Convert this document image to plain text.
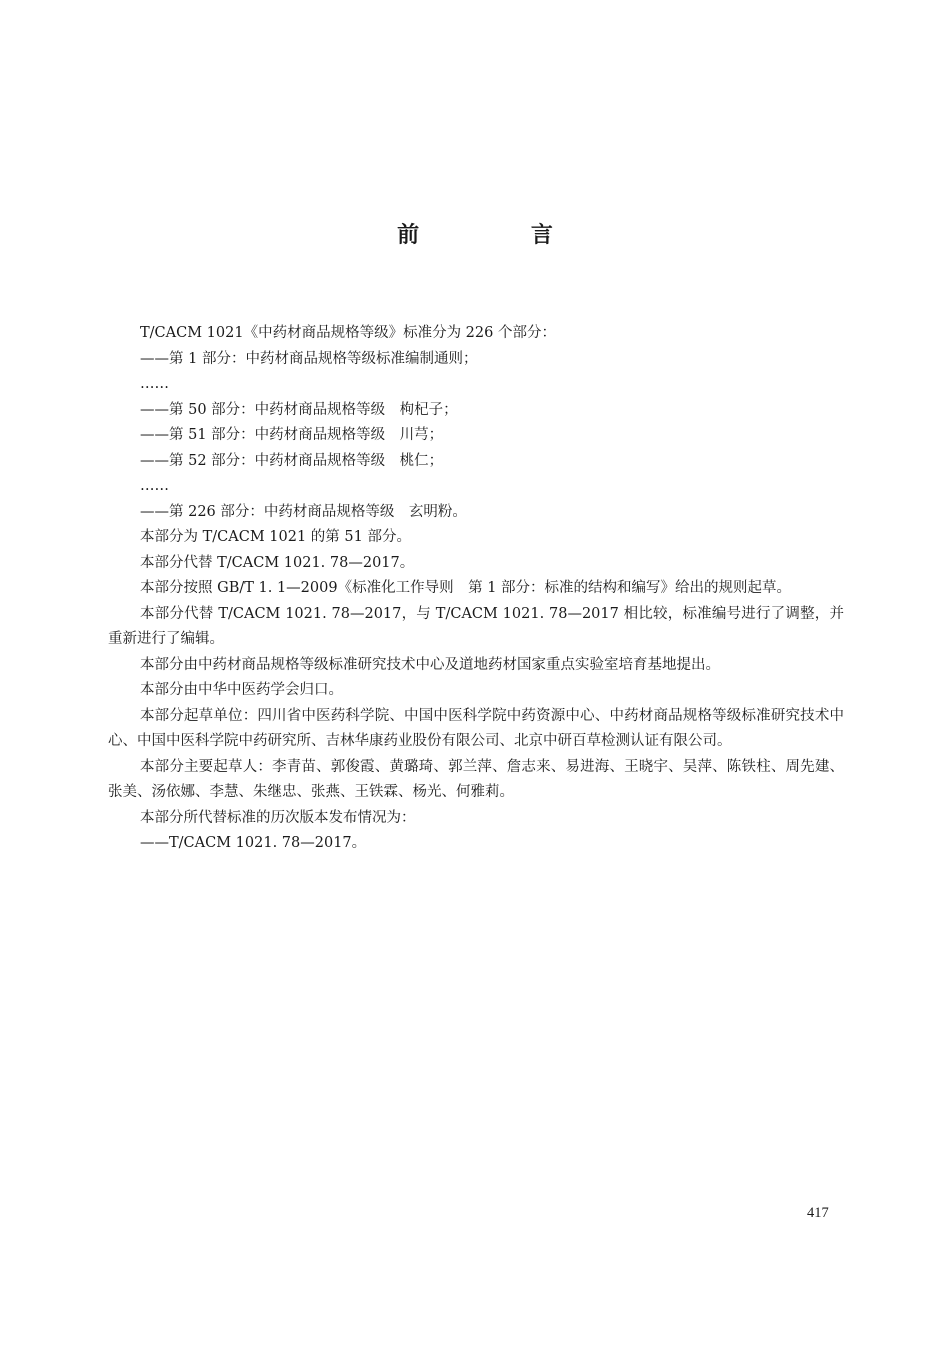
前 言

T/CACM 1021《中药材商品规格等级》标准分为 226 个部分：

——第 1 部分：中药材商品规格等级标准编制通则；

……

——第 50 部分：中药材商品规格等级　枸杞子；

——第 51 部分：中药材商品规格等级　川芎；

——第 52 部分：中药材商品规格等级　桃仁；

……

——第 226 部分：中药材商品规格等级　玄明粉。

本部分为 T/CACM 1021 的第 51 部分。

本部分代替 T/CACM 1021. 78—2017。

本部分按照 GB/T 1. 1—2009《标准化工作导则　第 1 部分：标准的结构和编写》给出的规则起草。

本部分代替 T/CACM 1021. 78—2017，与 T/CACM 1021. 78—2017 相比较，标准编号进行了调整，并重新进行了编辑。

本部分由中药材商品规格等级标准研究技术中心及道地药材国家重点实验室培育基地提出。

本部分由中华中医药学会归口。

本部分起草单位：四川省中医药科学院、中国中医科学院中药资源中心、中药材商品规格等级标准研究技术中心、中国中医科学院中药研究所、吉林华康药业股份有限公司、北京中研百草检测认证有限公司。

本部分主要起草人：李青苗、郭俊霞、黄璐琦、郭兰萍、詹志来、易进海、王晓宇、吴萍、陈铁柱、周先建、张美、汤依娜、李慧、朱继忠、张燕、王铁霖、杨光、何雅莉。

本部分所代替标准的历次版本发布情况为：

——T/CACM 1021. 78—2017。

417
